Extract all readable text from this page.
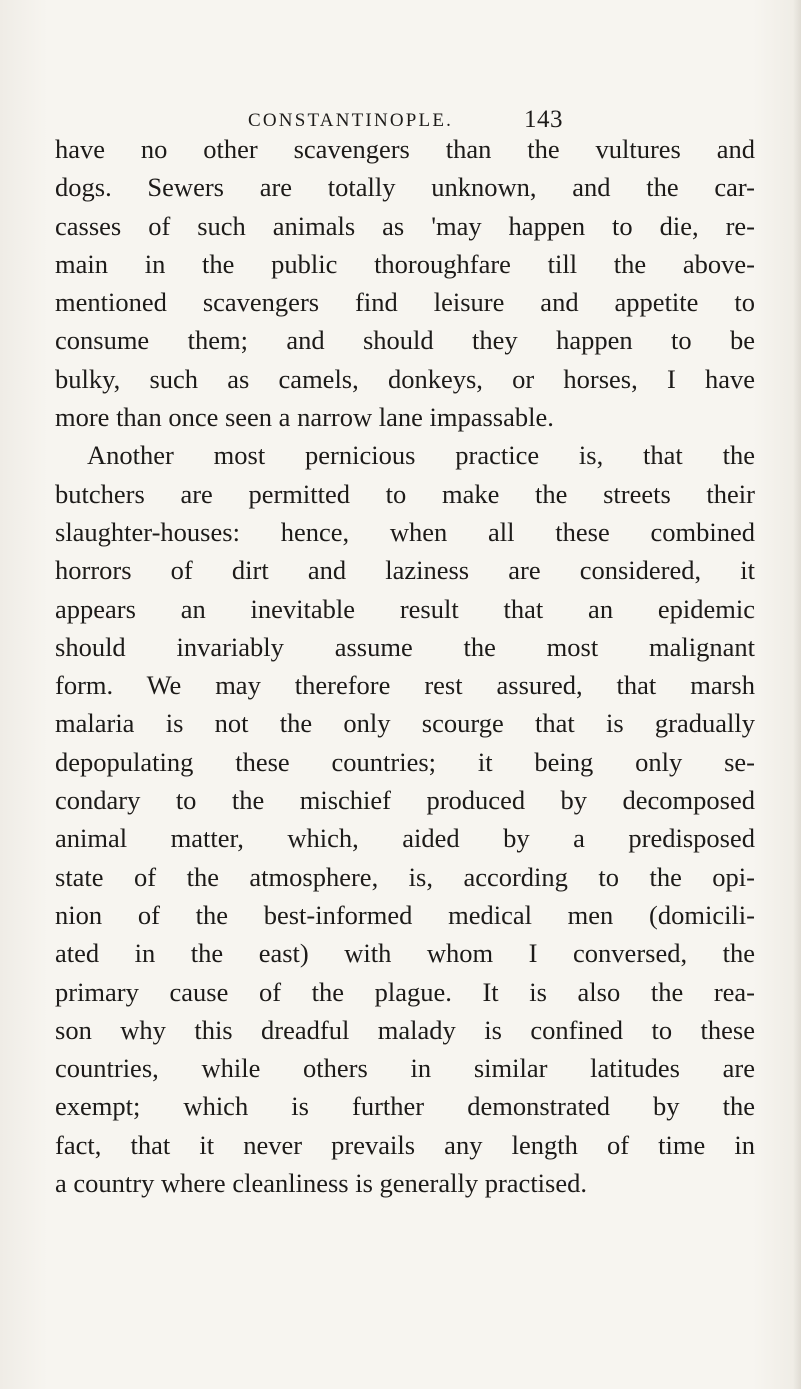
CONSTANTINOPLE.	143
have no other scavengers than the vultures and
dogs. Sewers are totally unknown, and the car-
casses of such animals as 'may happen to die, re-
main in the public thoroughfare till the above-
mentioned scavengers find leisure and appetite to
consume them; and should they happen to be
bulky, such as camels, donkeys, or horses, I have
more than once seen a narrow lane impassable.
Another most pernicious practice is, that the
butchers are permitted to make the streets their
slaughter-houses: hence, when all these combined
horrors of dirt and laziness are considered, it
appears an inevitable result that an epidemic
should invariably assume the most malignant
form. We may therefore rest assured, that marsh
malaria is not the only scourge that is gradually
depopulating these countries; it being only se-
condary to the mischief produced by decomposed
animal matter, which, aided by a predisposed
state of the atmosphere, is, according to the opi-
nion of the best-informed medical men (domicili-
ated in the east) with whom I conversed, the
primary cause of the plague. It is also the rea-
son why this dreadful malady is confined to these
countries, while others in similar latitudes are
exempt; which is further demonstrated by the
fact, that it never prevails any length of time in
a country where cleanliness is generally practised.
